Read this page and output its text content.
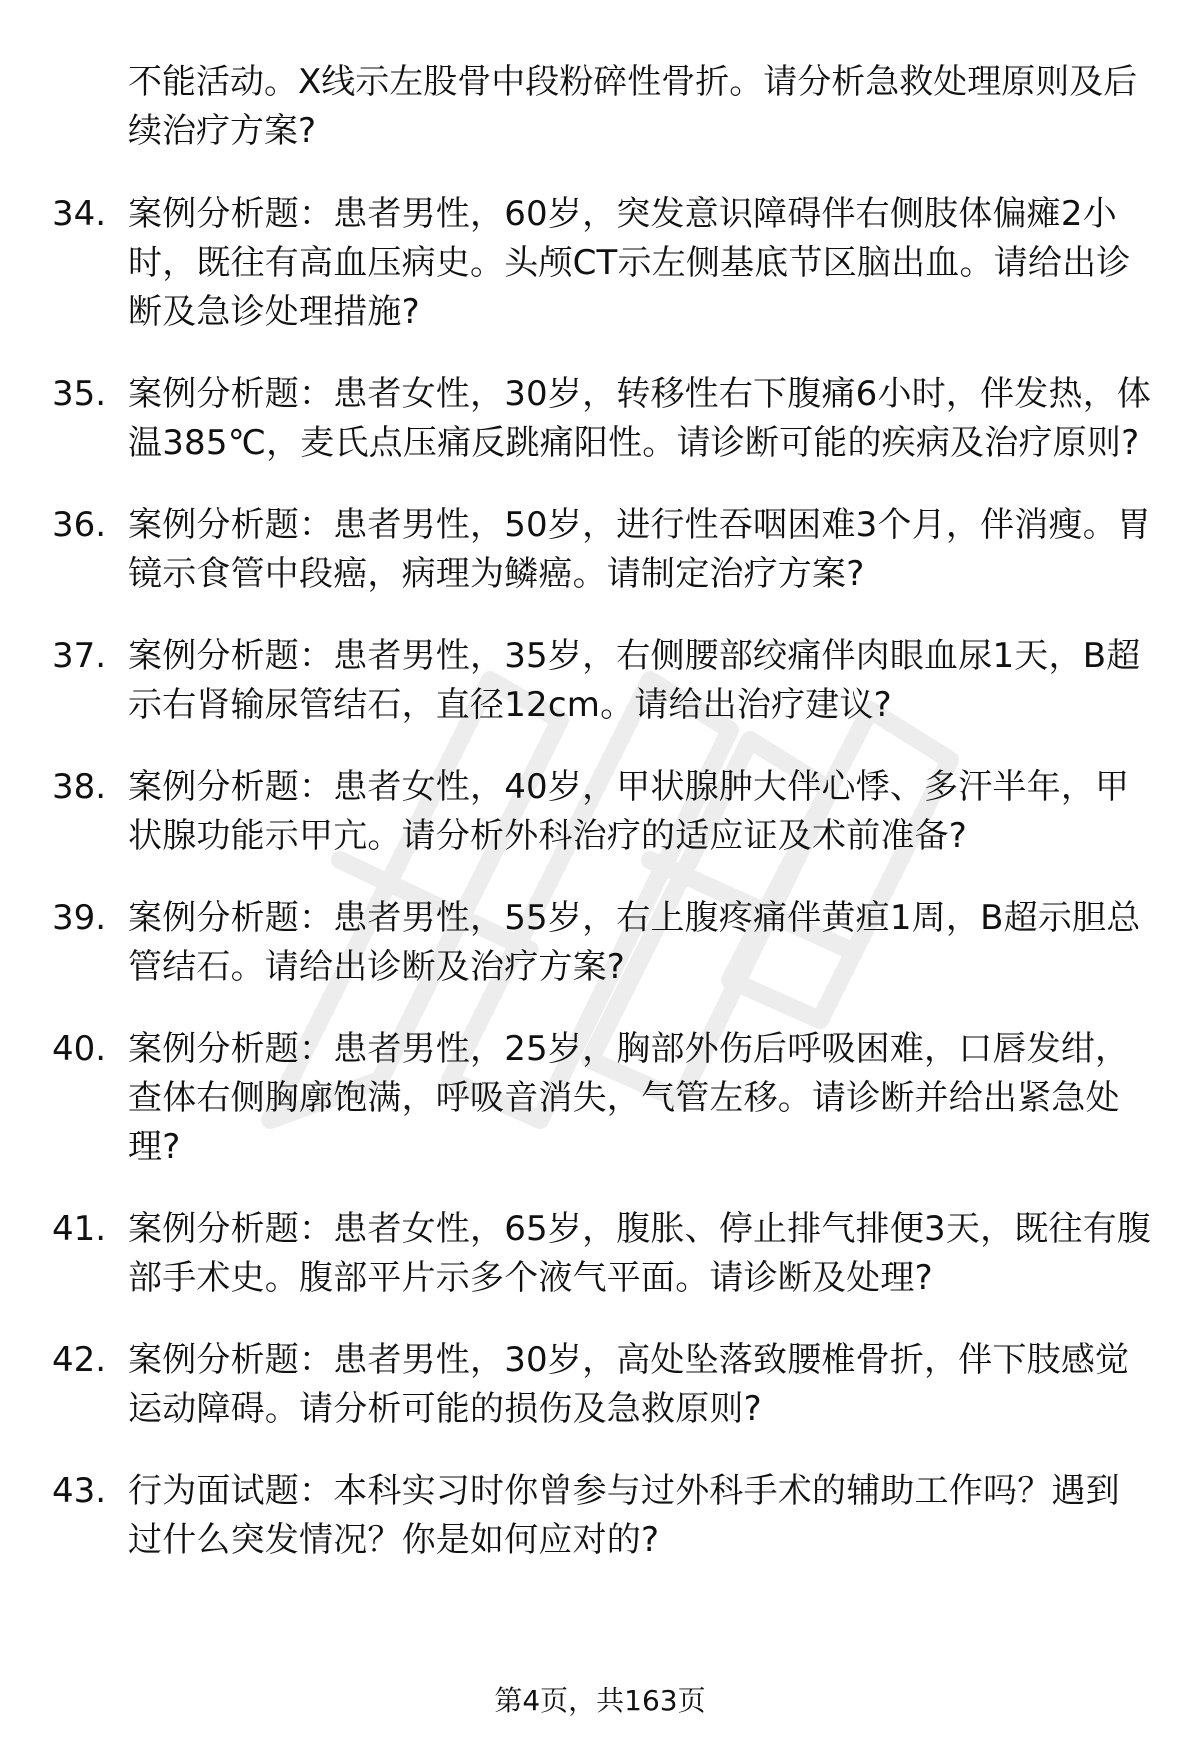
不能活动。X线示左股骨中段粉碎性骨折。请分析急救处理原则及后续治疗方案?
34. 案例分析题：患者男性，60岁，突发意识障碍伴右侧肢体偏瘫2小时，既往有高血压病史。头颅CT示左侧基底节区脑出血。请给出诊断及急诊处理措施?
35. 案例分析题：患者女性，30岁，转移性右下腹痛6小时，伴发热，体温385℃，麦氏点压痛反跳痛阳性。请诊断可能的疾病及治疗原则?
36. 案例分析题：患者男性，50岁，进行性吞咽困难3个月，伴消瘦。胃镜示食管中段癌，病理为鳞癌。请制定治疗方案?
37. 案例分析题：患者男性，35岁，右侧腰部绞痛伴肉眼血尿1天，B超示右肾输尿管结石，直径12cm。请给出治疗建议?
38. 案例分析题：患者女性，40岁，甲状腺肿大伴心悸、多汗半年，甲状腺功能示甲亢。请分析外科治疗的适应证及术前准备?
39. 案例分析题：患者男性，55岁，右上腹疼痛伴黄疸1周，B超示胆总管结石。请给出诊断及治疗方案?
40. 案例分析题：患者男性，25岁，胸部外伤后呼吸困难，口唇发绀，查体右侧胸廓饱满，呼吸音消失，气管左移。请诊断并给出紧急处理?
41. 案例分析题：患者女性，65岁，腹胀、停止排气排便3天，既往有腹部手术史。腹部平片示多个液气平面。请诊断及处理?
42. 案例分析题：患者男性，30岁，高处坠落致腰椎骨折，伴下肢感觉运动障碍。请分析可能的损伤及急救原则?
43. 行为面试题：本科实习时你曾参与过外科手术的辅助工作吗？遇到过什么突发情况？你是如何应对的?
第4页，共163页
